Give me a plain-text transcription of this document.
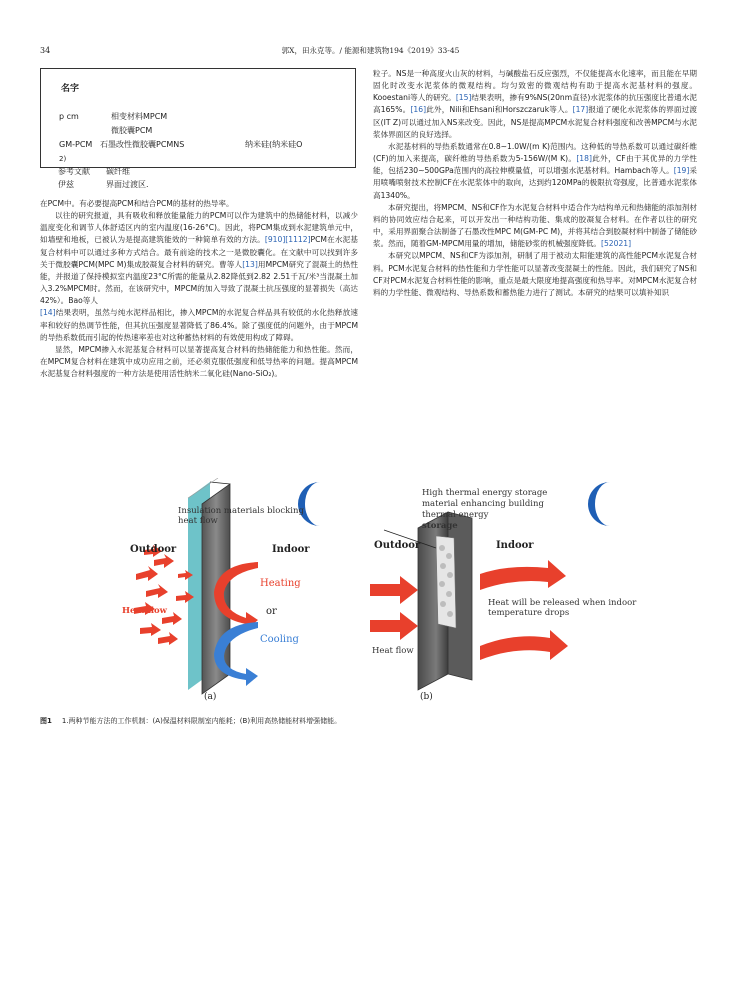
34	郭X，田永克等。/ 能源和建筑物194《2019》33-45
名字
p cm	相变材料MPCM
微胶囊PCM
GM-PCM 石墨改性微胶囊PCMNS	纳米硅(纳米硅O
2)
参考文献 碳纤维
伊兹	界面过渡区.

在PCM中。有必要提高PCM和结合PCM的基材的热导率。

以往的研究报道，具有吸收和释放能量能力的PCM可以作为建筑中的热储能材料，以减少温度变化和调节人体舒适区内的室内温度(16-26°C)。因此，将PCM集成到水泥建筑单元中，如墙壁和地板，已被认为是提高建筑能效的一种简单有效的方法。[910][1112]PCM在水泥基复合材料中可以通过多种方式结合。最有前途的技术之一是微胶囊化。在文献中可以找到许多关于微胶囊PCM(MPC M)集成胶凝复合材料的研究。曹等人[13]用MPCM研究了混凝土的热性能，并报道了保持模拟室内温度23°C所需的能量从2.82降低到2.82 2.51千瓦/米³当混凝土加入3.2%MPCM时。然而，在该研究中，MPCM的加入导致了混凝土抗压强度的显著损失（高达42%）。Bao等人

[14]结果表明，虽然与纯水泥样品相比，掺入MPCM的水泥复合样品具有较低的水化热释放速率和较好的热调节性能，但其抗压强度显著降低了86.4%。除了强度低的问题外，由于MPCM的导热系数低而引起的传热速率差也对这种蓄热材料的有效使用构成了障碍。

显然，MPCM掺入水泥基复合材料可以显著提高复合材料的热储能能力和热性能。然而，在MPCM复合材料在建筑中成功应用之前，还必须克服低强度和低导热率的问题。提高MPCM水泥基复合材料强度的一种方法是使用活性纳米二氧化硅(Nano-SiO₂)。

粒子。NS是一种高度火山灰的材料，与碱酸盐石反应强烈，不仅能提高水化速率，而且能在早期固化时改变水泥浆体的微观结构。均匀致密的微观结构有助于提高水泥基材料的强度。Kooestani等人的研究。[15]结果表明，掺有9%NS(20nm直径)水泥浆体的抗压强度比普通水泥高165%。[16]此外，Nili和Ehsani和Horszczaruk等人。[17]报道了硬化水泥浆体的界面过渡区(IT Z)可以通过加入NS来改变。因此，NS是提高MPCM水泥复合材料强度和改善MPCM与水泥浆体界面区的良好选择。

水泥基材料的导热系数通常在0.8~1.0W/(m K)范围内。这种低的导热系数可以通过碳纤维(CF)的加入来提高，碳纤维的导热系数为5-156W/(M K)。[18]此外，CF由于其优异的力学性能，包括230~500GPa范围内的高拉伸模量值，可以增强水泥基材料。Hambach等人。[19]采用喷嘴喷射技术控制CF在水泥浆体中的取向，达到约120MPa的极限抗弯强度，比普通水泥浆体高1340%。

本研究提出，将MPCM、NS和CF作为水泥复合材料中适合作为结构单元和热储能的添加剂材料的协同效应结合起来，可以开发出一种结构功能、集成的胶凝复合材料。在作者以往的研究中，采用界面聚合法制备了石墨改性MPC M(GM-PC M)，并将其结合到胶凝材料中制备了储能砂浆。然而，随着GM-MPCM用量的增加，储能砂浆的机械强度降低。[52021]

本研究以MPCM、NS和CF为添加剂，研制了用于被动太阳能建筑的高性能PCM水泥复合材料。PCM水泥复合材料的热性能和力学性能可以显著改变混凝土的性能。因此，我们研究了NS和CF对PCM水泥复合材料性能的影响，重点是最大限度地提高强度和热导率。对MPCM水泥复合材料的力学性能、微观结构、导热系数和蓄热能力进行了测试。本研究的结果可以填补知识

Outdoor	Indoor
Insulation materials blocking heat flow
Heating
or
Cooling
Heat flow
(a)
Outdoor	Indoor
High thermal energy storage material enhancing building thermal energy
storage
Heat will be released when indoor temperature drops
Heat flow
(b)
图1 1.两种节能方法的工作机制：(A)保温材料限制室内能耗；(B)利用高热储能材料增强储能。
